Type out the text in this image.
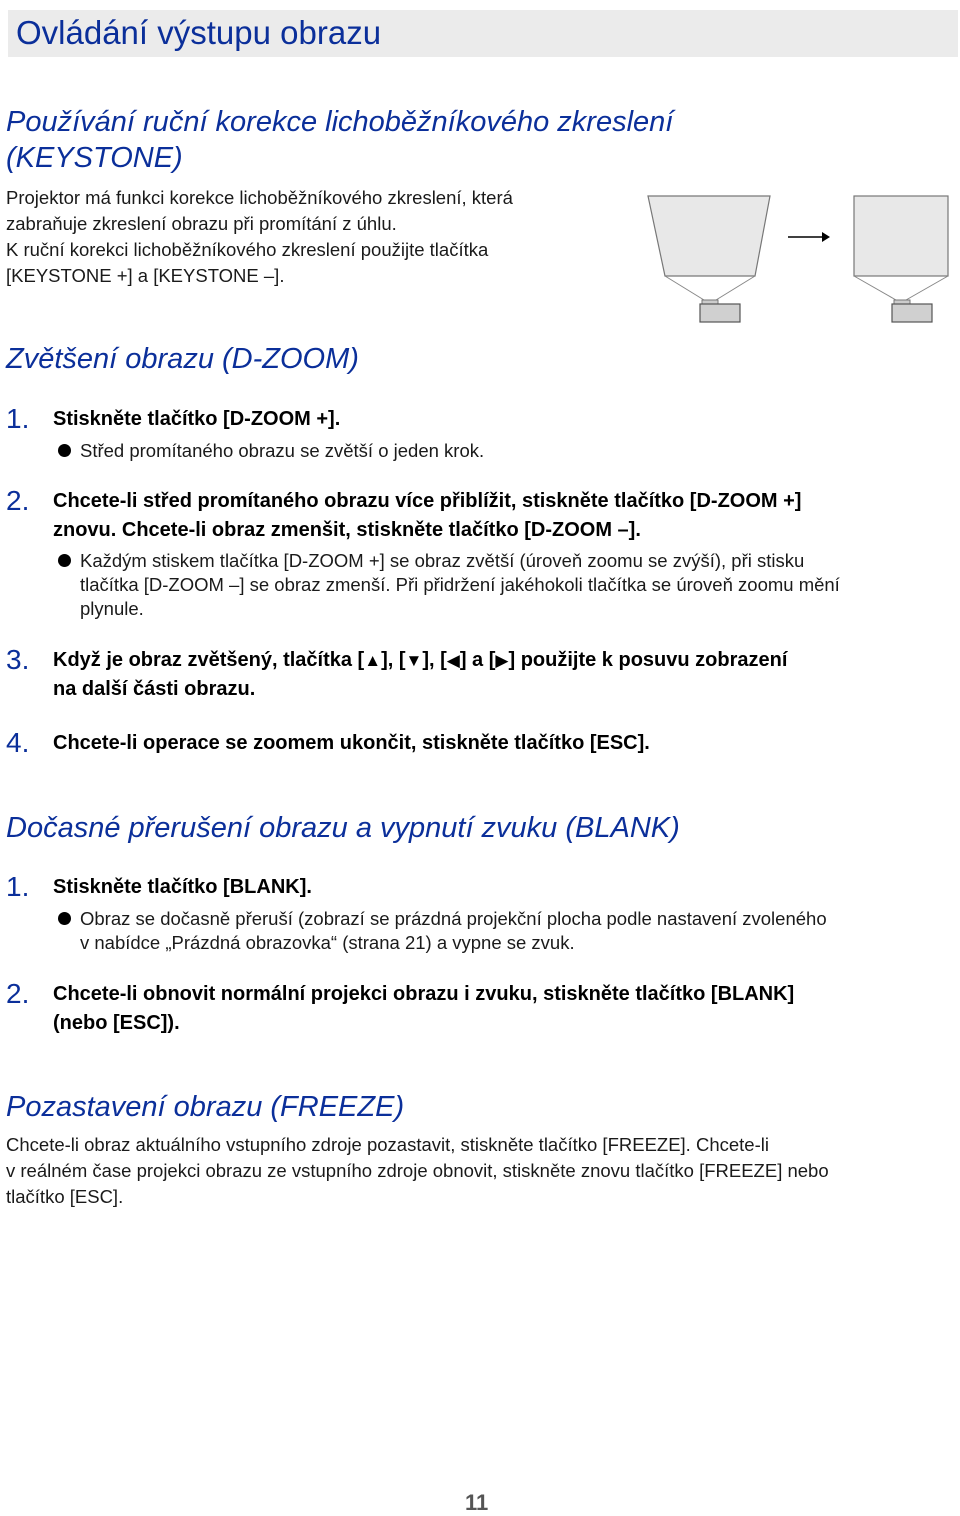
Ovládání výstupu obrazu
Používání ruční korekce lichoběžníkového zkreslení
(KEYSTONE)

Projektor má funkci korekce lichoběžníkového zkreslení, která

zabraňuje zkreslení obrazu při promítání z úhlu.

K ruční korekci lichoběžníkového zkreslení použijte tlačítka

[KEYSTONE +] a [KEYSTONE –].

Zvětšení obrazu (D-ZOOM)
1. Stiskněte tlačítko [D-ZOOM +].
Střed promítaného obrazu se zvětší o jeden krok.
2. Chcete-li střed promítaného obrazu více přiblížit, stiskněte tlačítko [D-ZOOM +]
znovu. Chcete-li obraz zmenšit, stiskněte tlačítko [D-ZOOM –].
Každým stiskem tlačítka [D-ZOOM +] se obraz zvětší (úroveň zoomu se zvýší), při stisku
tlačítka [D-ZOOM –] se obraz zmenší. Při přidržení jakéhokoli tlačítka se úroveň zoomu mění
plynule.
3. Když je obraz zvětšený, tlačítka [▲], [▼], [◀] a [▶] použijte k posuvu zobrazení
na další části obrazu.
4. Chcete-li operace se zoomem ukončit, stiskněte tlačítko [ESC].
Dočasné přerušení obrazu a vypnutí zvuku (BLANK)
1. Stiskněte tlačítko [BLANK].
Obraz se dočasně přeruší (zobrazí se prázdná projekční plocha podle nastavení zvoleného
v nabídce „Prázdná obrazovka“ (strana 21) a vypne se zvuk.
2. Chcete-li obnovit normální projekci obrazu i zvuku, stiskněte tlačítko [BLANK]
(nebo [ESC]).
Pozastavení obrazu (FREEZE)

Chcete-li obraz aktuálního vstupního zdroje pozastavit, stiskněte tlačítko [FREEZE]. Chcete-li

v reálném čase projekci obrazu ze vstupního zdroje obnovit, stiskněte znovu tlačítko [FREEZE] nebo

tlačítko [ESC].

11
